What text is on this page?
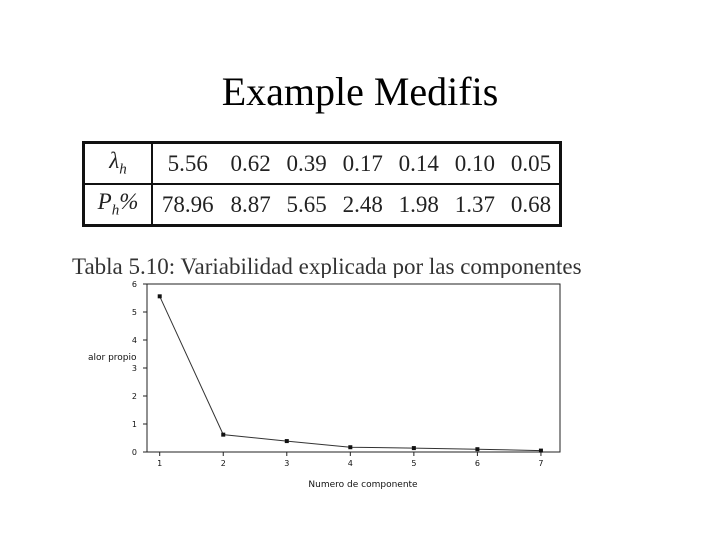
Example Medifis
$\lambda_h$	5.56	0.62	0.39	0.17	0.14	0.10	0.05
$P_h\%$	78.96	8.87	5.65	2.48	1.98	1.37	0.68
Tabla 5.10: Variabilidad explicada por las componentes
0
1
2
3
4
5
6
1	2	3	4	5	6	7
alor propio
Numero de componente
